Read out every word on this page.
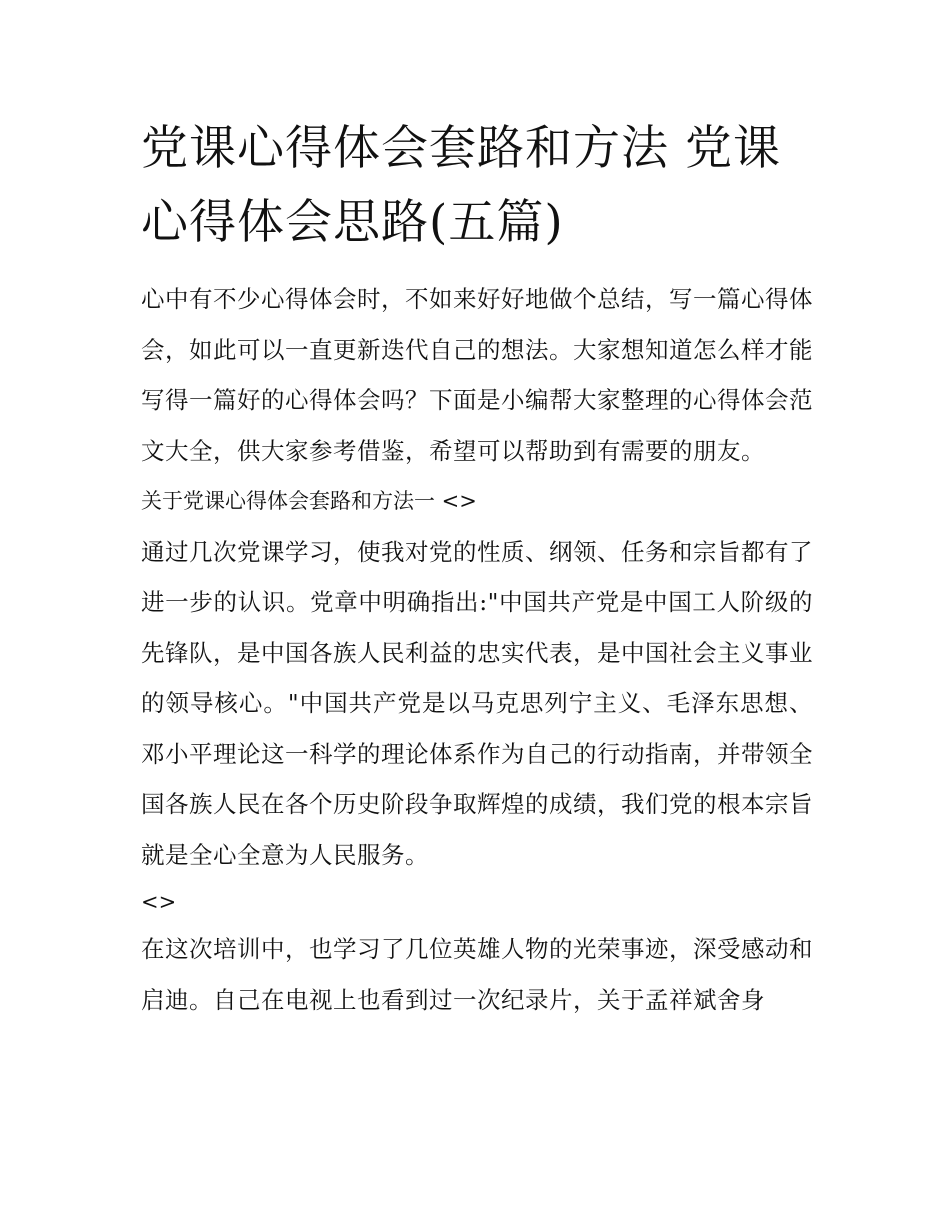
党课心得体会套路和方法 党课心得体会思路(五篇)

心中有不少心得体会时，不如来好好地做个总结，写一篇心得体会，如此可以一直更新迭代自己的想法。大家想知道怎么样才能写得一篇好的心得体会吗？下面是小编帮大家整理的心得体会范文大全，供大家参考借鉴，希望可以帮助到有需要的朋友。

关于党课心得体会套路和方法一 <>

通过几次党课学习，使我对党的性质、纲领、任务和宗旨都有了进一步的认识。党章中明确指出:"中国共产党是中国工人阶级的先锋队，是中国各族人民利益的忠实代表，是中国社会主义事业的领导核心。"中国共产党是以马克思列宁主义、毛泽东思想、邓小平理论这一科学的理论体系作为自己的行动指南，并带领全国各族人民在各个历史阶段争取辉煌的成绩，我们党的根本宗旨就是全心全意为人民服务。

<>

在这次培训中，也学习了几位英雄人物的光荣事迹，深受感动和启迪。自己在电视上也看到过一次纪录片，关于孟祥斌舍身
